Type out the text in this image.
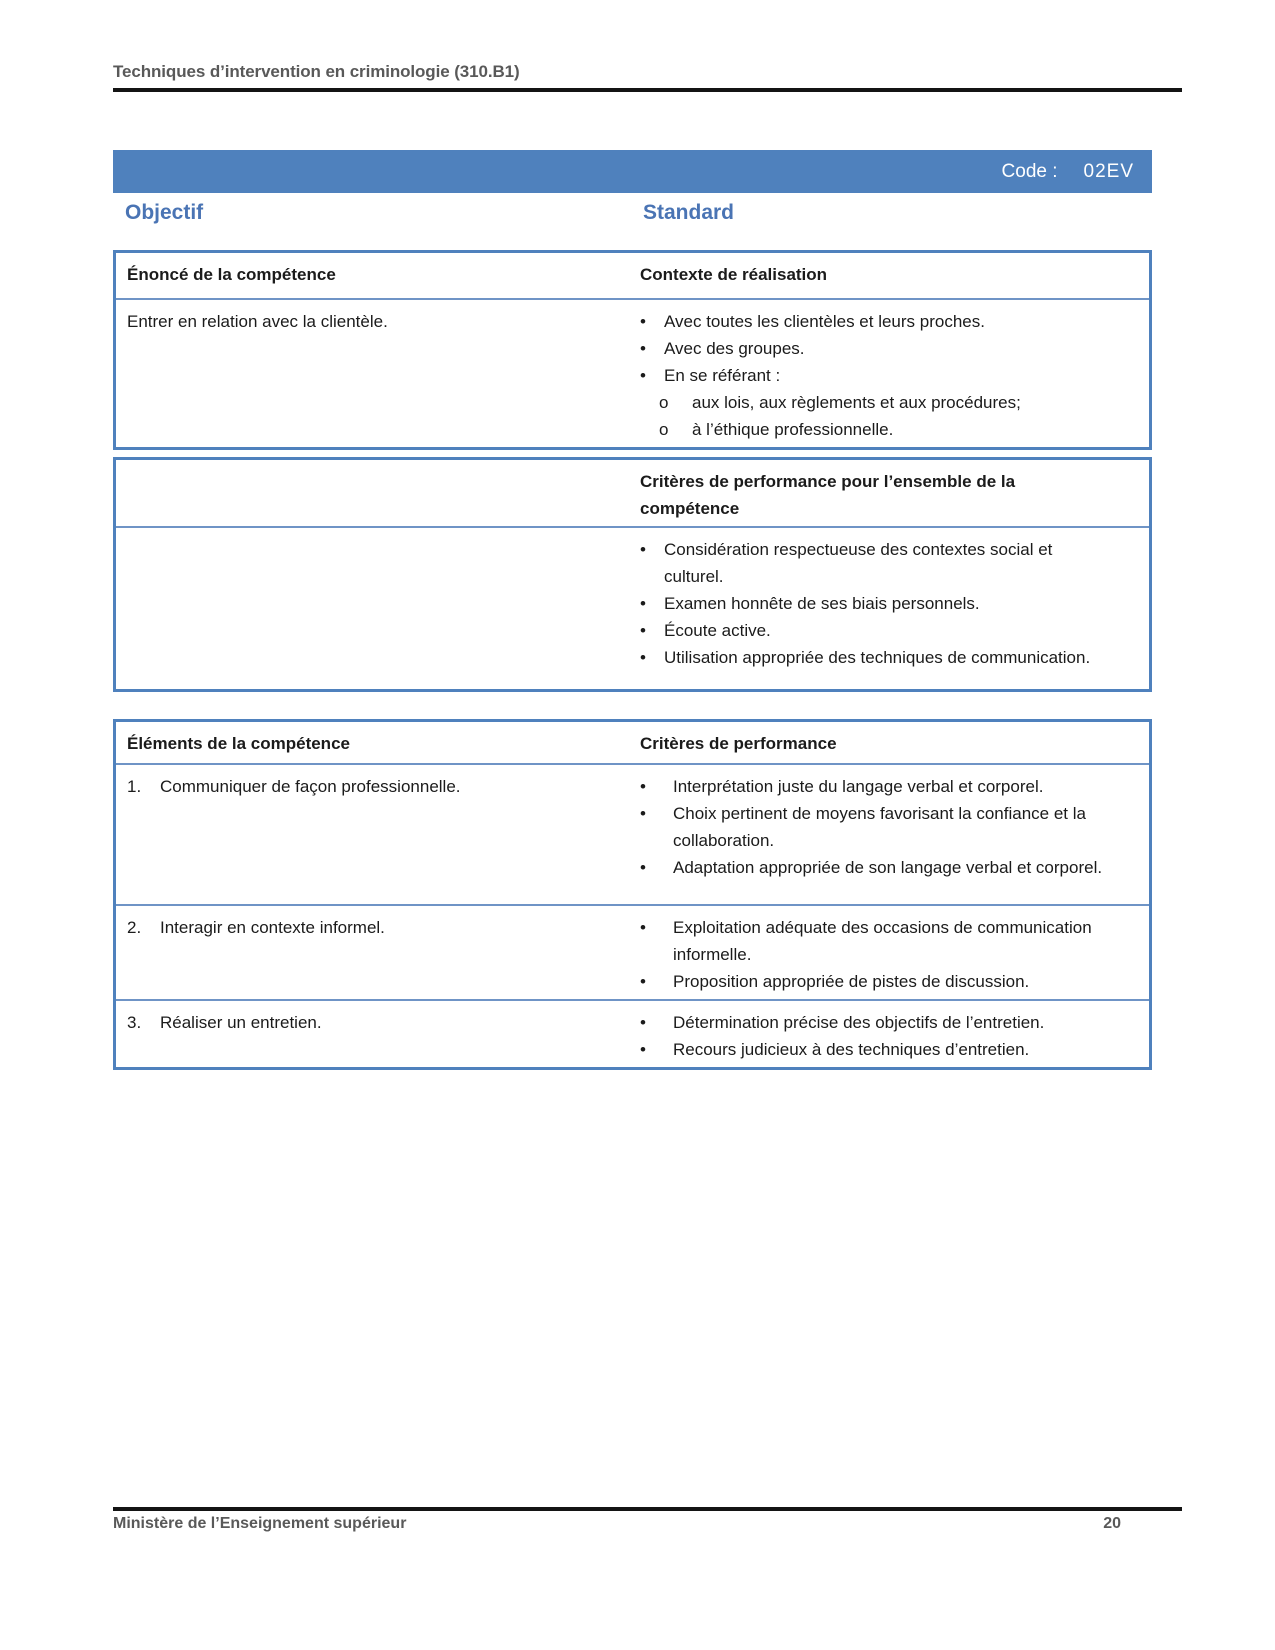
Techniques d’intervention en criminologie (310.B1)
Code : 02EV
Objectif	Standard
Énoncé de la compétence	Contexte de réalisation
Entrer en relation avec la clientèle.	•	Avec toutes les clientèles et leurs proches.
•	Avec des groupes.
•	En se référant :
o	aux lois, aux règlements et aux procédures;
o	à l’éthique professionnelle.
Critères de performance pour l’ensemble de la compétence
•	Considération respectueuse des contextes social et culturel.
•	Examen honnête de ses biais personnels.
•	Écoute active.
•	Utilisation appropriée des techniques de communication.
Éléments de la compétence	Critères de performance
1.	Communiquer de façon professionnelle.	•	Interprétation juste du langage verbal et corporel.
•	Choix pertinent de moyens favorisant la confiance et la collaboration.
•	Adaptation appropriée de son langage verbal et corporel.
2.	Interagir en contexte informel.	•	Exploitation adéquate des occasions de communication informelle.
•	Proposition appropriée de pistes de discussion.
3.	Réaliser un entretien.	•	Détermination précise des objectifs de l’entretien.
•	Recours judicieux à des techniques d’entretien.
Ministère de l’Enseignement supérieur	20
